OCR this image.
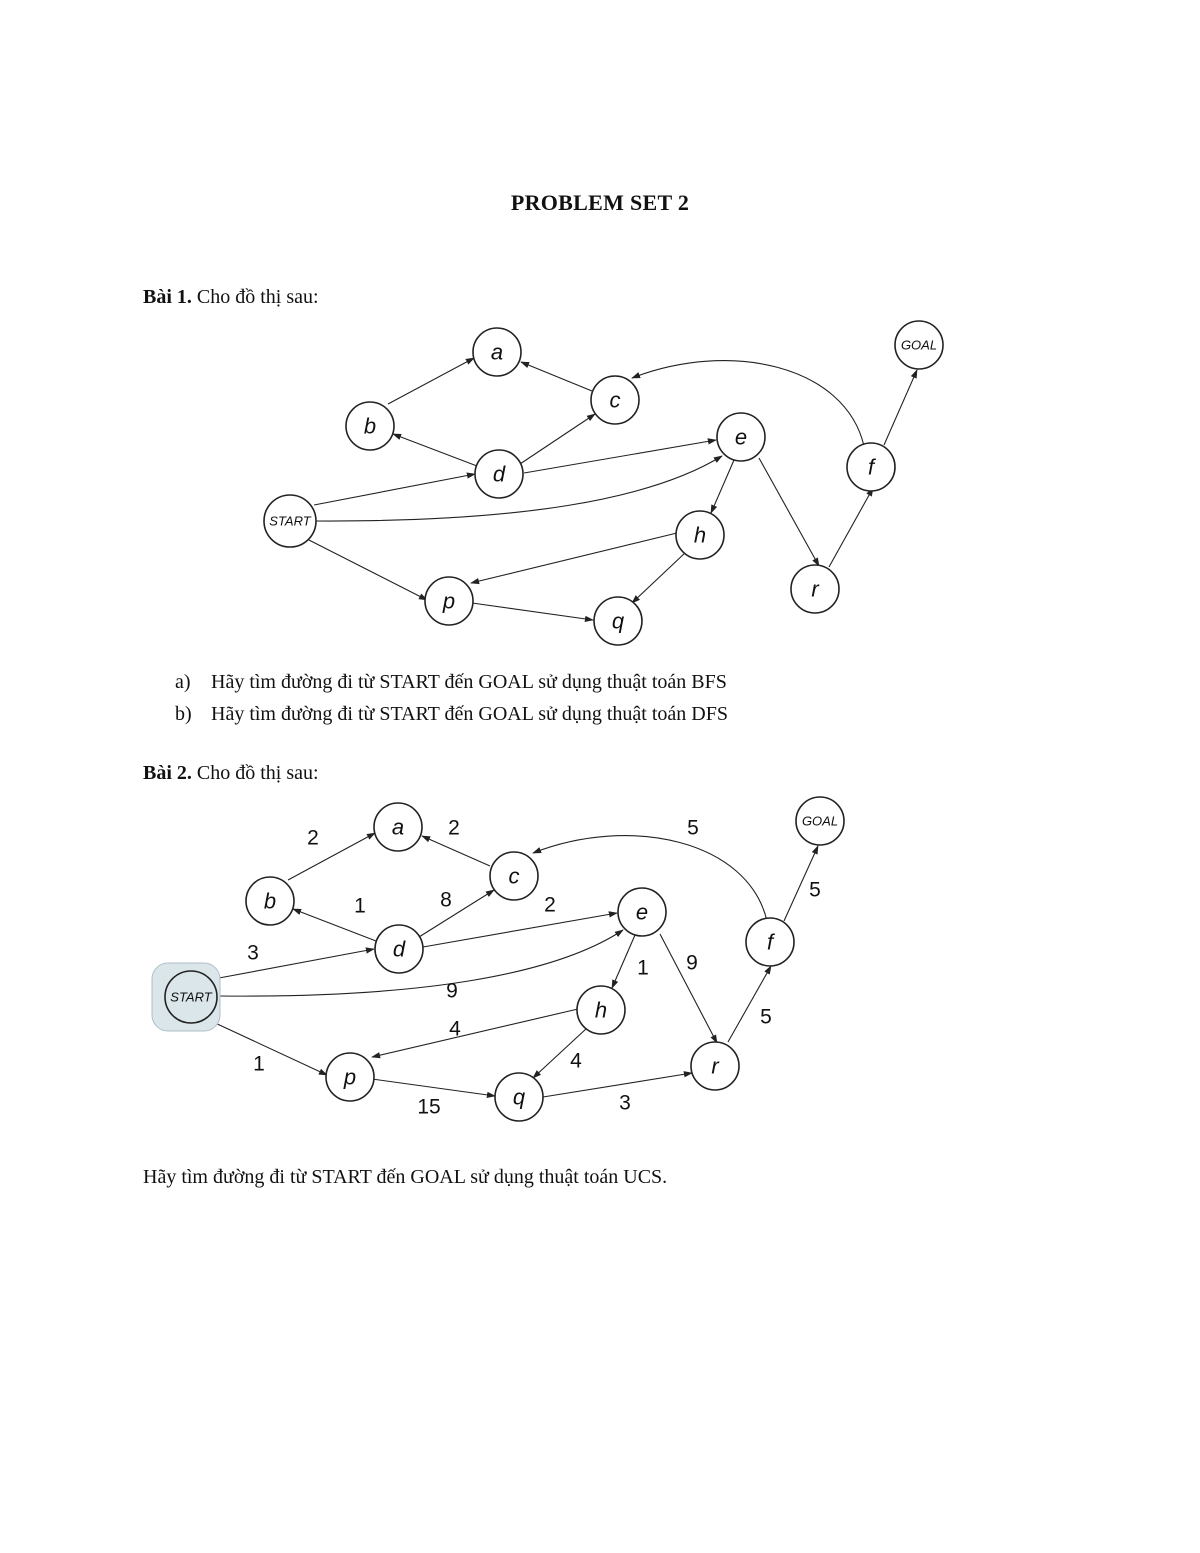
PROBLEM SET 2
Bài 1. Cho đồ thị sau:
a
b
c
d
e
f
h
p
q
r
START
GOAL
a) Hãy tìm đường đi từ START đến GOAL sử dụng thuật toán BFS
b) Hãy tìm đường đi từ START đến GOAL sử dụng thuật toán DFS
Bài 2. Cho đồ thị sau:
2	2
1	8	2
3
9
1
1 9
4
4
15	3
5
5
5
a
b
c
d
e
f
h
p
q
r
START
GOAL
Hãy tìm đường đi từ START đến GOAL sử dụng thuật toán UCS.
